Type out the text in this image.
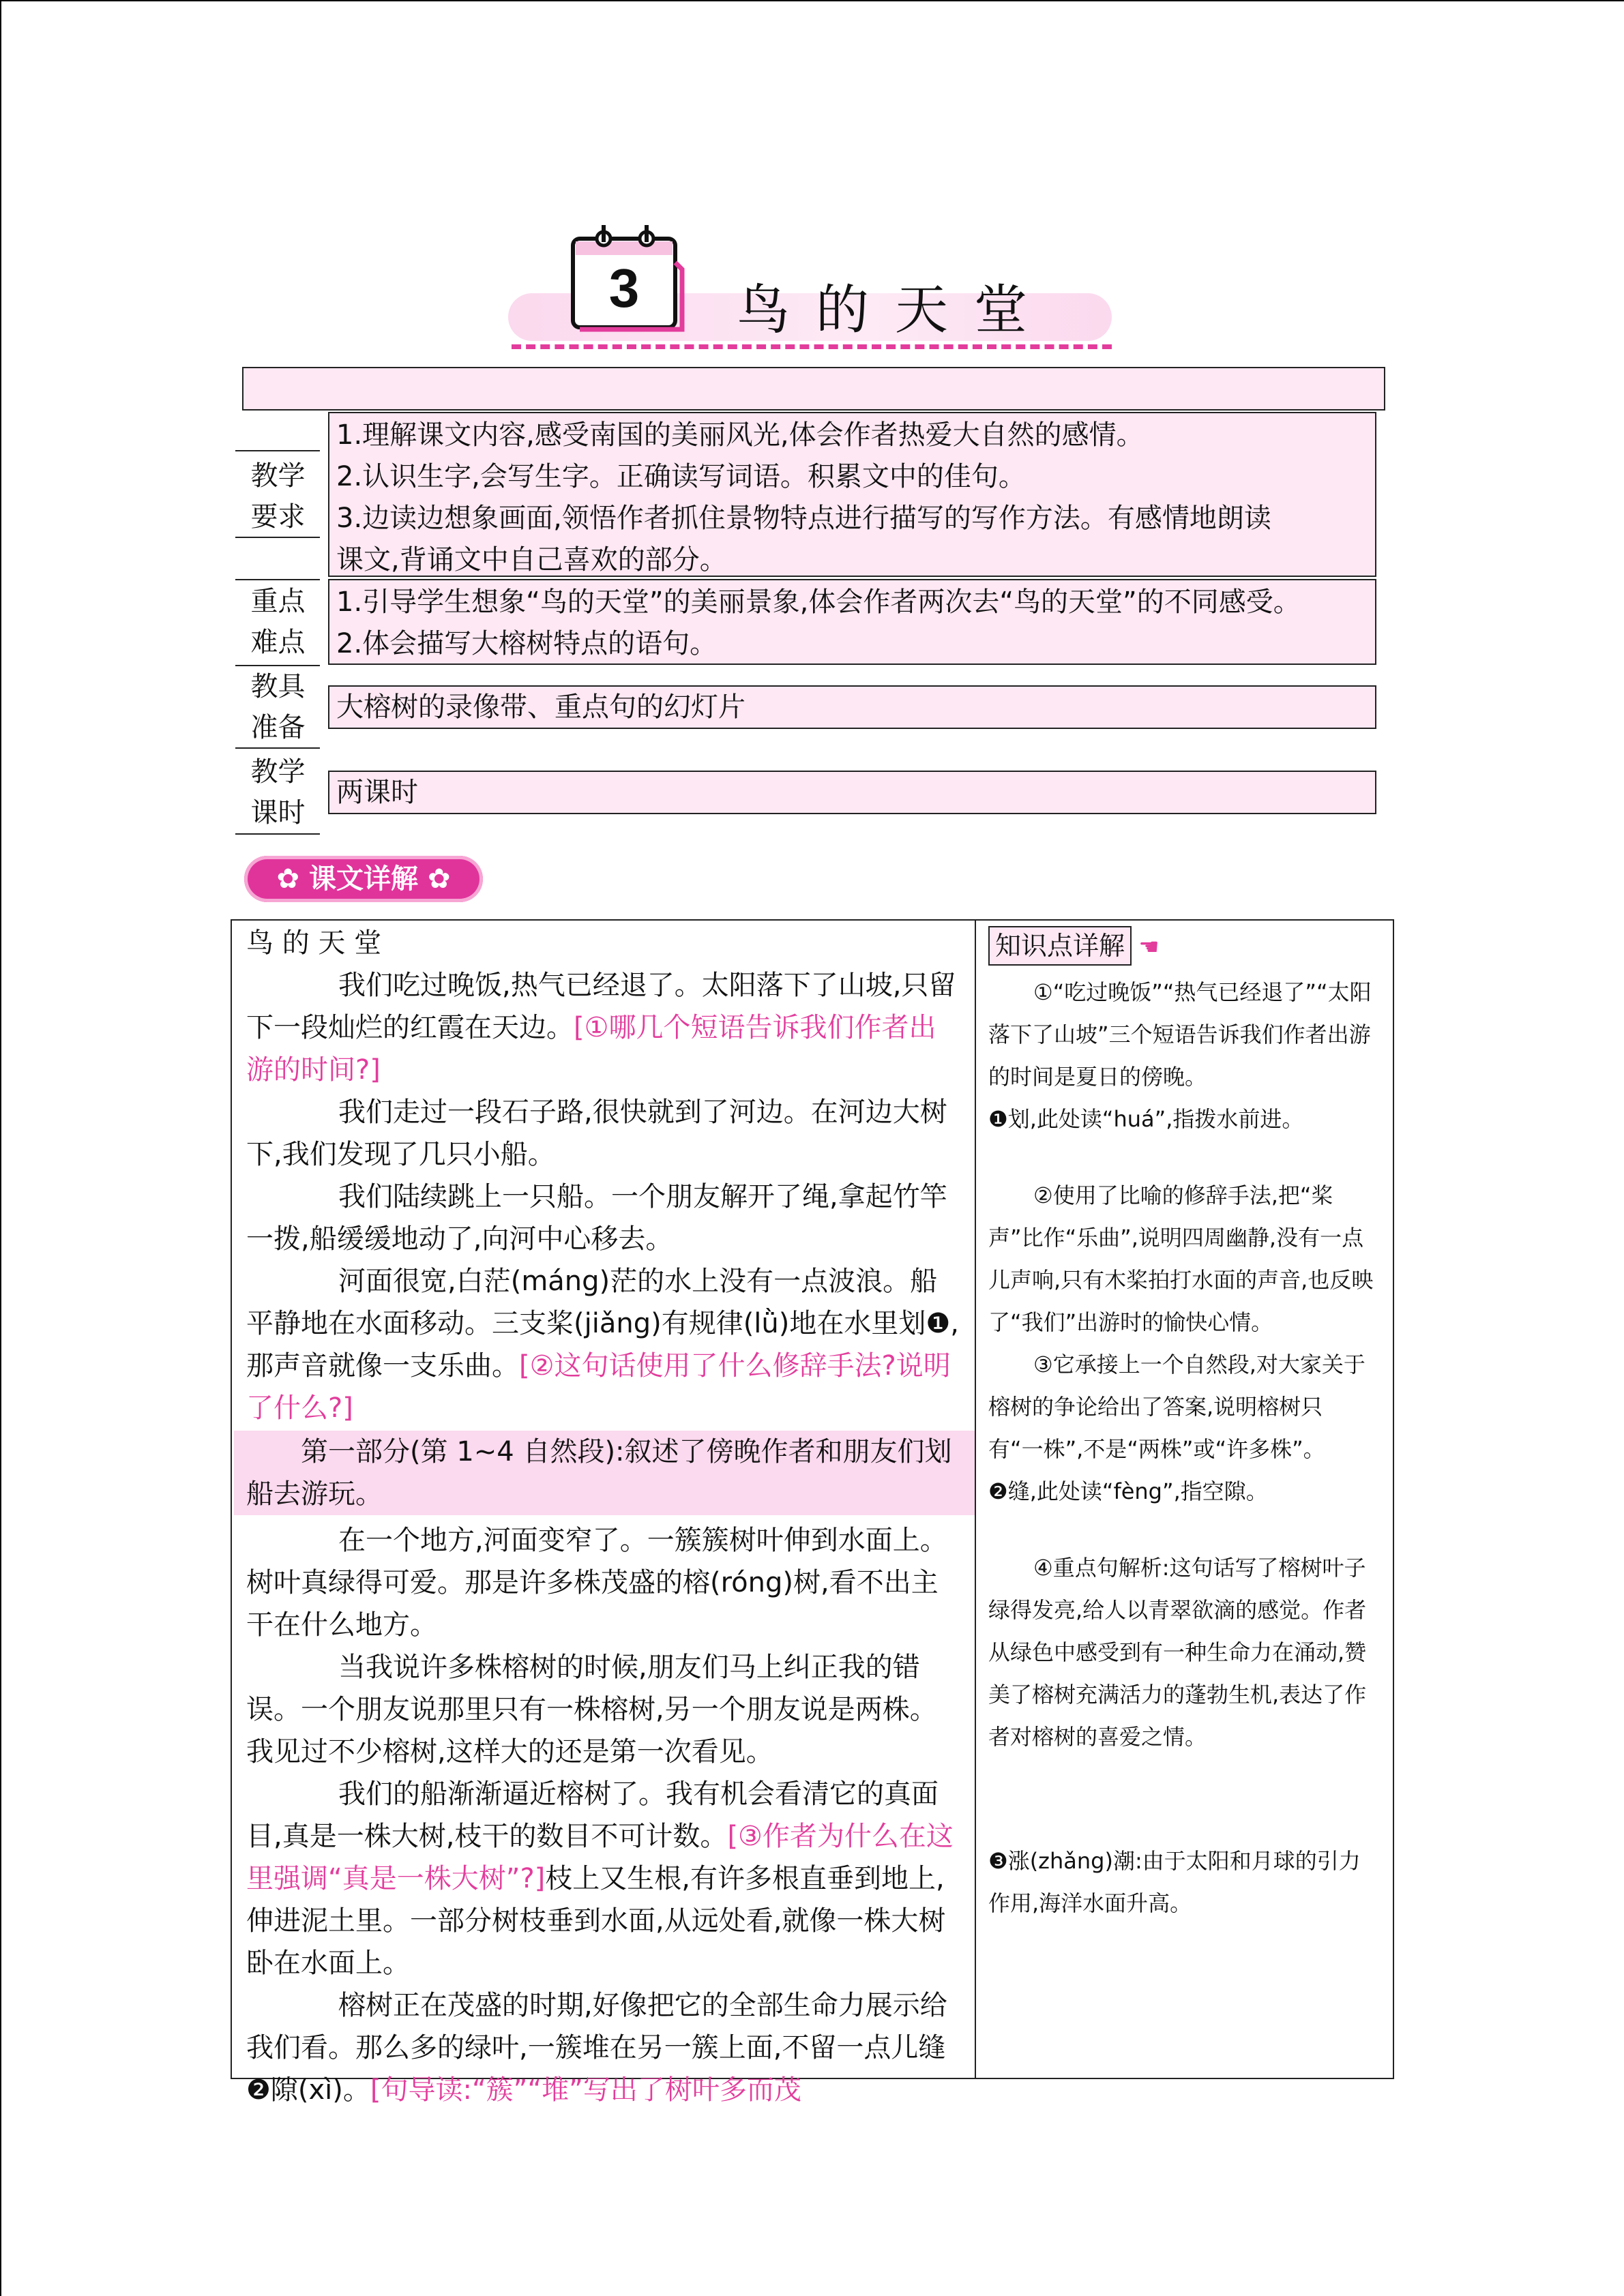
3 鸟的天堂
教学要求
1.理解课文内容,感受南国的美丽风光,体会作者热爱大自然的感情。
2.认识生字,会写生字。正确读写词语。积累文中的佳句。
3.边读边想象画面,领悟作者抓住景物特点进行描写的写作方法。有感情地朗读
课文,背诵文中自己喜欢的部分。
重点难点
1.引导学生想象“鸟的天堂”的美丽景象,体会作者两次去“鸟的天堂”的不同感受。
2.体会描写大榕树特点的语句。
教具准备
大榕树的录像带、重点句的幻灯片
教学课时
两课时
✿ 课文详解 ✿

鸟 的 天 堂

我们吃过晚饭,热气已经退了。太阳落下了山坡,只留下一段灿烂的红霞在天边。[①哪几个短语告诉我们作者出游的时间?]

我们走过一段石子路,很快就到了河边。在河边大树下,我们发现了几只小船。

我们陆续跳上一只船。一个朋友解开了绳,拿起竹竿一拨,船缓缓地动了,向河中心移去。

河面很宽,白茫(máng)茫的水上没有一点波浪。船平静地在水面移动。三支桨(jiǎng)有规律(lǜ)地在水里划❶,那声音就像一支乐曲。[②这句话使用了什么修辞手法?说明了什么?]

第一部分(第 1~4 自然段):叙述了傍晚作者和朋友们划船去游玩。

在一个地方,河面变窄了。一簇簇树叶伸到水面上。树叶真绿得可爱。那是许多株茂盛的榕(róng)树,看不出主干在什么地方。

当我说许多株榕树的时候,朋友们马上纠正我的错误。一个朋友说那里只有一株榕树,另一个朋友说是两株。我见过不少榕树,这样大的还是第一次看见。

我们的船渐渐逼近榕树了。我有机会看清它的真面目,真是一株大树,枝干的数目不可计数。[③作者为什么在这里强调“真是一株大树”?]枝上又生根,有许多根直垂到地上,伸进泥土里。一部分树枝垂到水面,从远处看,就像一株大树卧在水面上。

榕树正在茂盛的时期,好像把它的全部生命力展示给我们看。那么多的绿叶,一簇堆在另一簇上面,不留一点儿缝❷隙(xì)。[句导读:“簇”“堆”写出了树叶多而茂

知识点详解 ☚

①“吃过晚饭”“热气已经退了”“太阳落下了山坡”三个短语告诉我们作者出游的时间是夏日的傍晚。

❶划,此处读“huá”,指拨水前进。

②使用了比喻的修辞手法,把“桨声”比作“乐曲”,说明四周幽静,没有一点儿声响,只有木桨拍打水面的声音,也反映了“我们”出游时的愉快心情。

③它承接上一个自然段,对大家关于榕树的争论给出了答案,说明榕树只有“一株”,不是“两株”或“许多株”。

❷缝,此处读“fèng”,指空隙。

④重点句解析:这句话写了榕树叶子绿得发亮,给人以青翠欲滴的感觉。作者从绿色中感受到有一种生命力在涌动,赞美了榕树充满活力的蓬勃生机,表达了作者对榕树的喜爱之情。

❸涨(zhǎng)潮:由于太阳和月球的引力作用,海洋水面升高。
